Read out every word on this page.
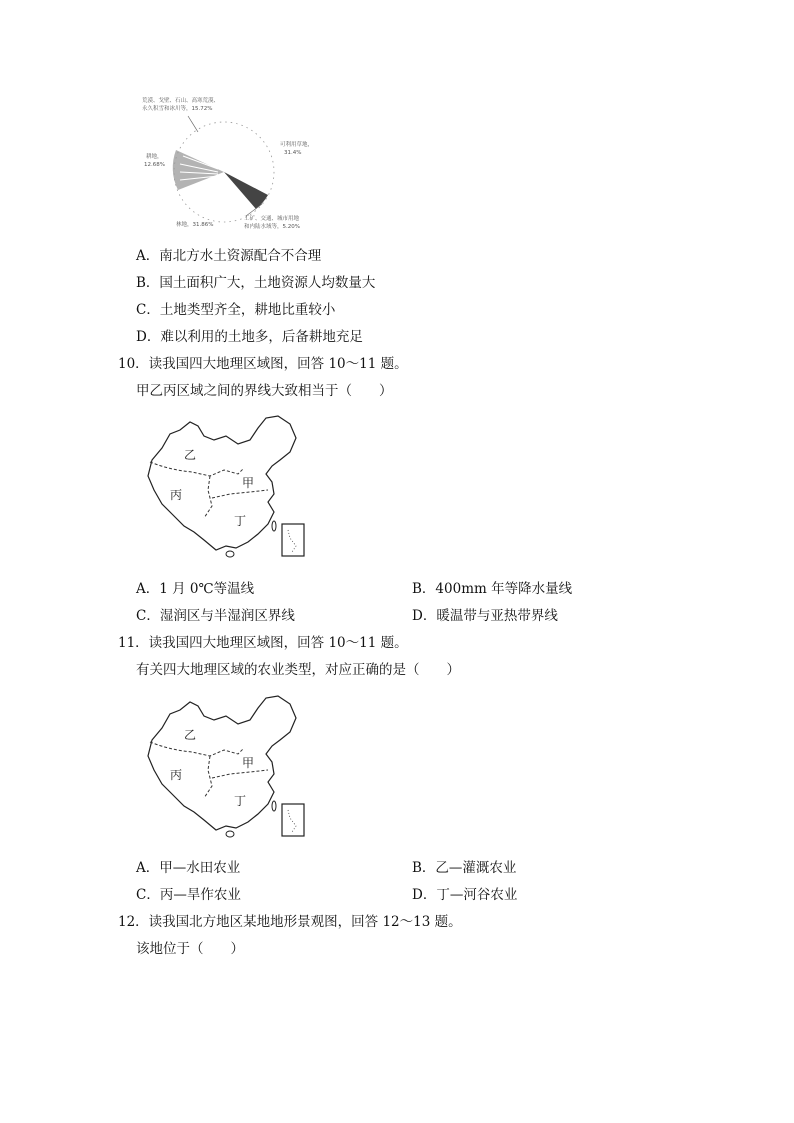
荒漠、戈壁、石山、高寒荒漠、
永久积雪和冰川等，15.72%
可利用草地，
31.4%
耕地，
12.68%
林地，31.86%
工矿、交通、城市用地
和内陆水域等，5.20%
A．南北方水土资源配合不合理
B．国土面积广大，土地资源人均数量大
C．土地类型齐全，耕地比重较小
D．难以利用的土地多，后备耕地充足
10．读我国四大地理区域图，回答 10～11 题。
甲乙丙区域之间的界线大致相当于（　　）
乙
丙
甲
丁
A．1 月 0℃等温线	B．400mm 年等降水量线
C．湿润区与半湿润区界线	D．暖温带与亚热带界线
11．读我国四大地理区域图，回答 10～11 题。
有关四大地理区域的农业类型，对应正确的是（　　）
乙
丙
甲
丁
A．甲—水田农业	B．乙—灌溉农业
C．丙—旱作农业	D．丁—河谷农业
12．读我国北方地区某地地形景观图，回答 12～13 题。
该地位于（　　）
